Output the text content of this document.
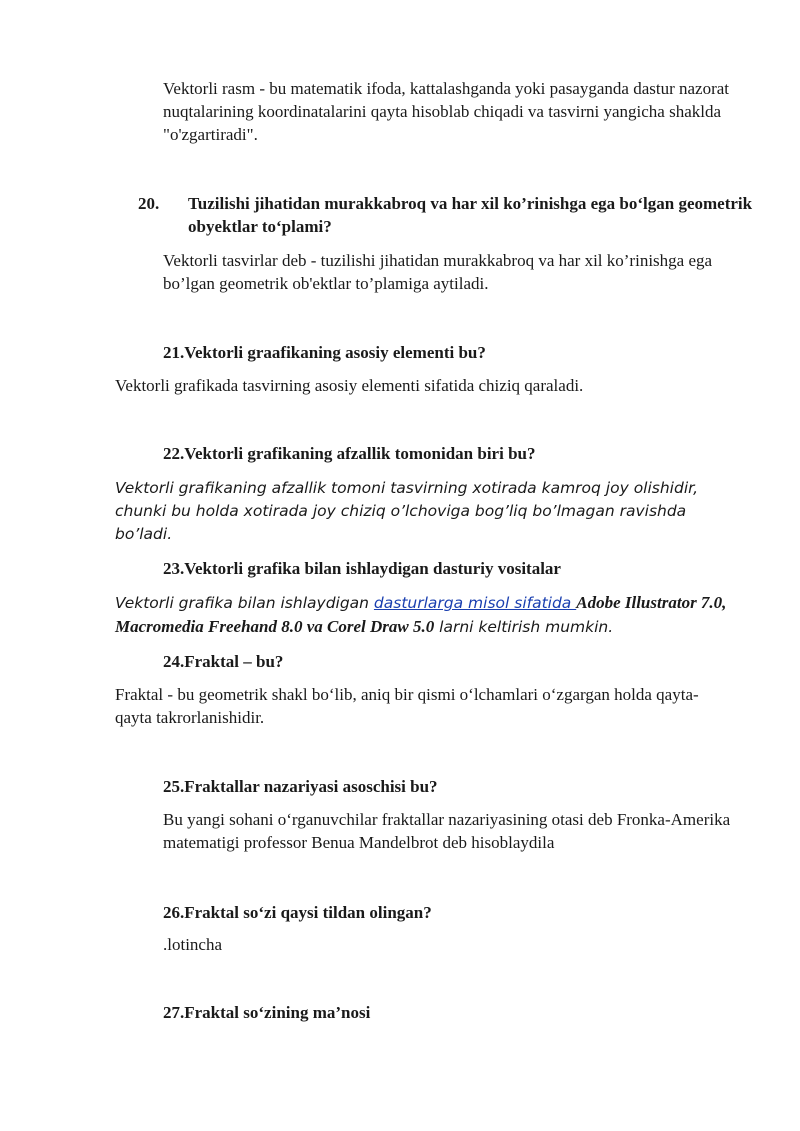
Vektorli rasm - bu matematik ifoda, kattalashganda yoki pasayganda dastur nazorat nuqtalarining koordinatalarini qayta hisoblab chiqadi va tasvirni yangicha shaklda "o'zgartiradi".

20. Tuzilishi jihatidan murakkabroq va har xil ko’rinishga ega bo‘lgan geometrik obyektlar to‘plami?

Vektorli tasvirlar deb - tuzilishi jihatidan murakkabroq va har xil ko’rinishga ega bo’lgan geometrik ob'ektlar to’plamiga aytiladi.

21.Vektorli graafikaning asosiy elementi bu?

Vektorli grafikada tasvirning asosiy elementi sifatida chiziq qaraladi.

22.Vektorli grafikaning afzallik tomonidan biri bu?

Vektorli grafikaning afzallik tomoni tasvirning xotirada kamroq joy olishidir, chunki bu holda xotirada joy chiziq o’lchoviga bog’liq bo’lmagan ravishda bo’ladi.

23.Vektorli grafika bilan ishlaydigan dasturiy vositalar

Vektorli grafika bilan ishlaydigan dasturlarga misol sifatida Adobe Illustrator 7.0, Macromedia Freehand 8.0 va Corel Draw 5.0 larni keltirish mumkin.

24.Fraktal – bu?

Fraktal - bu geometrik shakl bo‘lib, aniq bir qismi o‘lchamlari o‘zgargan holda qayta-qayta takrorlanishidir.

25.Fraktallar nazariyasi asoschisi bu?

Bu yangi sohani o‘rganuvchilar fraktallar nazariyasining otasi deb Fronka-Amerika matematigi professor Benua Mandelbrot deb hisoblaydila

26.Fraktal so‘zi qaysi tildan olingan?

.lotincha

27.Fraktal so‘zining ma’nosi
